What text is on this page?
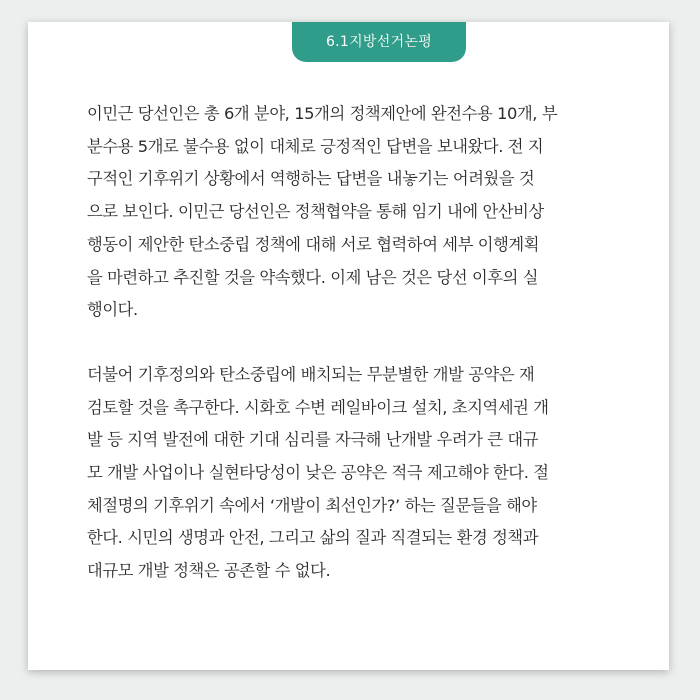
6.1지방선거논평

이민근 당선인은 총 6개 분야, 15개의 정책제안에 완전수용 10개, 부
분수용 5개로 불수용 없이 대체로 긍정적인 답변을 보내왔다. 전 지
구적인 기후위기 상황에서 역행하는 답변을 내놓기는 어려웠을 것
으로 보인다. 이민근 당선인은 정책협약을 통해 임기 내에 안산비상
행동이 제안한 탄소중립 정책에 대해 서로 협력하여 세부 이행계획
을 마련하고 추진할 것을 약속했다. 이제 남은 것은 당선 이후의 실
행이다.

더불어 기후정의와 탄소중립에 배치되는 무분별한 개발 공약은 재
검토할 것을 촉구한다. 시화호 수변 레일바이크 설치, 초지역세권 개
발 등 지역 발전에 대한 기대 심리를 자극해 난개발 우려가 큰 대규
모 개발 사업이나 실현타당성이 낮은 공약은 적극 제고해야 한다. 절
체절명의 기후위기 속에서 ‘개발이 최선인가?’ 하는 질문들을 해야
한다. 시민의 생명과 안전, 그리고 삶의 질과 직결되는 환경 정책과
대규모 개발 정책은 공존할 수 없다.
